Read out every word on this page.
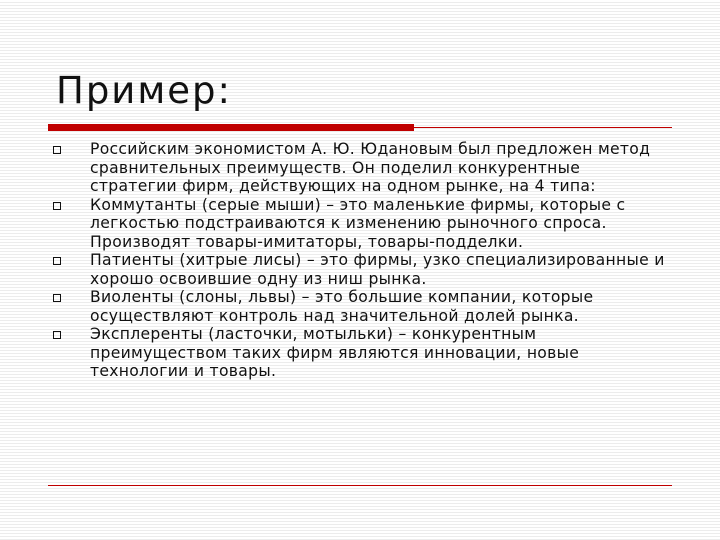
Пример:
Российским экономистом А. Ю. Юдановым был предложен метод сравнительных преимуществ. Он поделил конкурентные стратегии фирм, действующих на одном рынке, на 4 типа:
Коммутанты (серые мыши) – это маленькие фирмы, которые с легкостью подстраиваются к изменению рыночного спроса. Производят товары-имитаторы, товары-подделки.
Патиенты (хитрые лисы) – это фирмы, узко специализированные и хорошо освоившие одну из ниш рынка.
Виоленты (слоны, львы) – это большие компании, которые осуществляют контроль над значительной долей рынка.
Эксплеренты (ласточки, мотыльки) – конкурентным преимуществом таких фирм являются инновации, новые технологии и товары.
